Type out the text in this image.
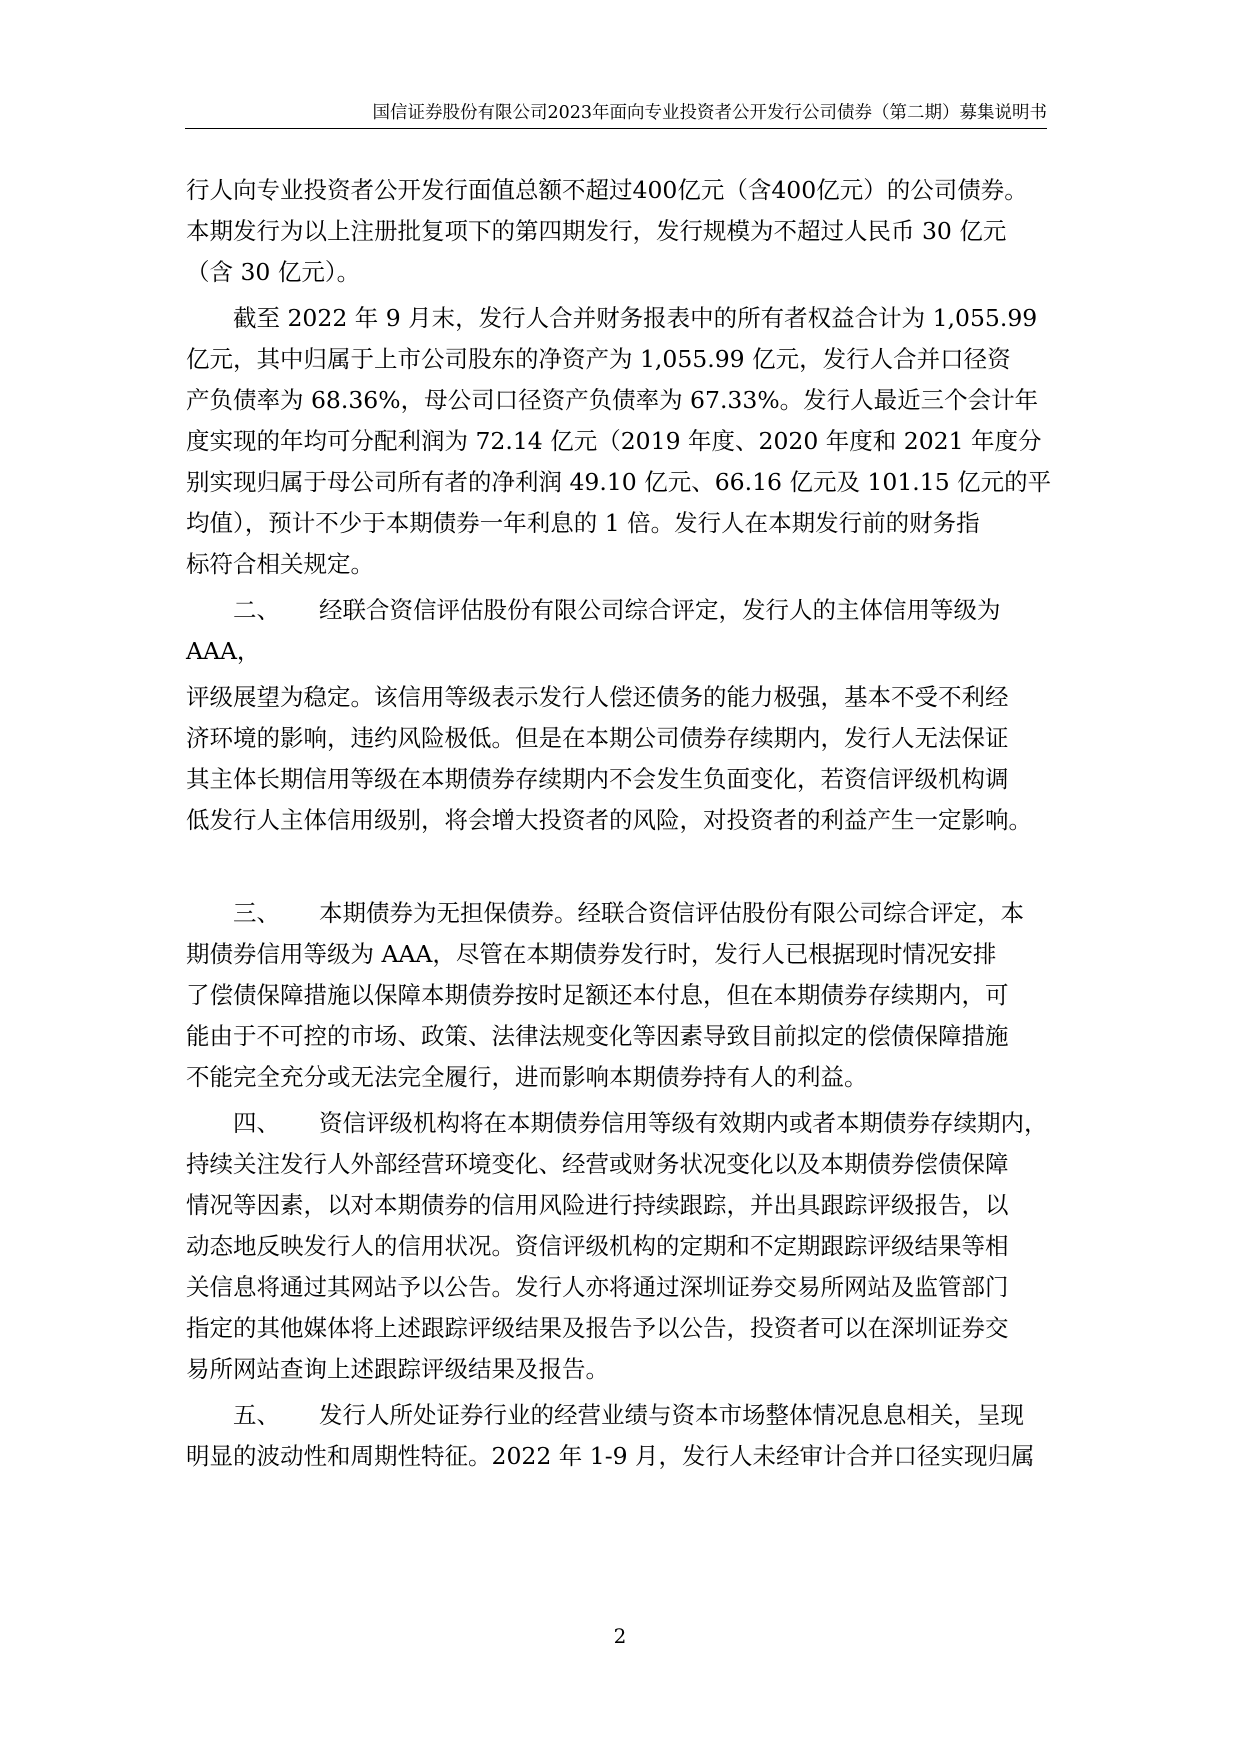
国信证券股份有限公司2023年面向专业投资者公开发行公司债券（第二期）募集说明书

行人向专业投资者公开发行面值总额不超过400亿元（含400亿元）的公司债券。

本期发行为以上注册批复项下的第四期发行，发行规模为不超过人民币 30 亿元

（含 30 亿元）。

截至 2022 年 9 月末，发行人合并财务报表中的所有者权益合计为 1,055.99

亿元，其中归属于上市公司股东的净资产为 1,055.99 亿元，发行人合并口径资

产负债率为 68.36%，母公司口径资产负债率为 67.33%。发行人最近三个会计年

度实现的年均可分配利润为 72.14 亿元（2019 年度、2020 年度和 2021 年度分

别实现归属于母公司所有者的净利润 49.10 亿元、66.16 亿元及 101.15 亿元的平

均值），预计不少于本期债券一年利息的 1 倍。发行人在本期发行前的财务指

标符合相关规定。

二、 经联合资信评估股份有限公司综合评定，发行人的主体信用等级为

AAA，

评级展望为稳定。该信用等级表示发行人偿还债务的能力极强，基本不受不利经

济环境的影响，违约风险极低。但是在本期公司债券存续期内，发行人无法保证

其主体长期信用等级在本期债券存续期内不会发生负面变化，若资信评级机构调

低发行人主体信用级别，将会增大投资者的风险，对投资者的利益产生一定影响。

三、 本期债券为无担保债券。经联合资信评估股份有限公司综合评定，本

期债券信用等级为 AAA，尽管在本期债券发行时，发行人已根据现时情况安排

了偿债保障措施以保障本期债券按时足额还本付息，但在本期债券存续期内，可

能由于不可控的市场、政策、法律法规变化等因素导致目前拟定的偿债保障措施

不能完全充分或无法完全履行，进而影响本期债券持有人的利益。

四、 资信评级机构将在本期债券信用等级有效期内或者本期债券存续期内，

持续关注发行人外部经营环境变化、经营或财务状况变化以及本期债券偿债保障

情况等因素，以对本期债券的信用风险进行持续跟踪，并出具跟踪评级报告，以

动态地反映发行人的信用状况。资信评级机构的定期和不定期跟踪评级结果等相

关信息将通过其网站予以公告。发行人亦将通过深圳证券交易所网站及监管部门

指定的其他媒体将上述跟踪评级结果及报告予以公告，投资者可以在深圳证券交

易所网站查询上述跟踪评级结果及报告。

五、 发行人所处证券行业的经营业绩与资本市场整体情况息息相关，呈现

明显的波动性和周期性特征。2022 年 1-9 月，发行人未经审计合并口径实现归属

2
